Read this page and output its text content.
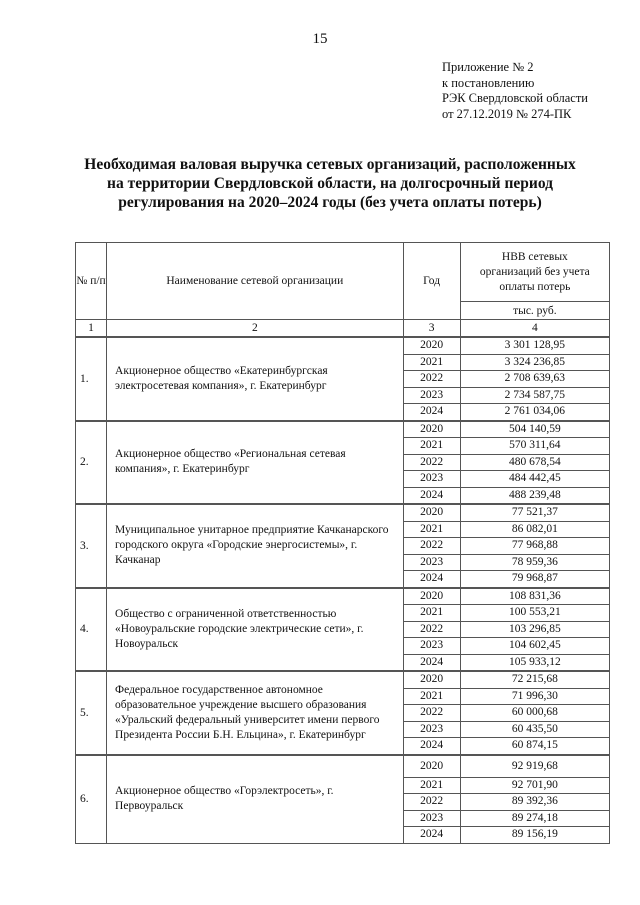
15
Приложение № 2
к постановлению
РЭК Свердловской области
от 27.12.2019 № 274-ПК
Необходимая валовая выручка сетевых организаций, расположенных
на территории Свердловской области, на долгосрочный период
регулирования на 2020–2024 годы (без учета оплаты потерь)
№ п/п	Наименование сетевой организации	Год	НВВ сетевых организаций без учета оплаты потерь
			тыс. руб.
1	2	3	4
1.	Акционерное общество «Екатеринбургская электросетевая компания», г. Екатеринбург	2020	3 301 128,95
		2021	3 324 236,85
		2022	2 708 639,63
		2023	2 734 587,75
		2024	2 761 034,06
2.	Акционерное общество «Региональная сетевая компания», г. Екатеринбург	2020	504 140,59
		2021	570 311,64
		2022	480 678,54
		2023	484 442,45
		2024	488 239,48
3.	Муниципальное унитарное предприятие Качканарского городского округа «Городские энергосистемы», г. Качканар	2020	77 521,37
		2021	86 082,01
		2022	77 968,88
		2023	78 959,36
		2024	79 968,87
4.	Общество с ограниченной ответственностью «Новоуральские городские электрические сети», г. Новоуральск	2020	108 831,36
		2021	100 553,21
		2022	103 296,85
		2023	104 602,45
		2024	105 933,12
5.	Федеральное государственное автономное образовательное учреждение высшего образования «Уральский федеральный университет имени первого Президента России Б.Н. Ельцина», г. Екатеринбург	2020	72 215,68
		2021	71 996,30
		2022	60 000,68
		2023	60 435,50
		2024	60 874,15
6.	Акционерное общество «Горэлектросеть», г. Первоуральск	2020	92 919,68
		2021	92 701,90
		2022	89 392,36
		2023	89 274,18
		2024	89 156,19
